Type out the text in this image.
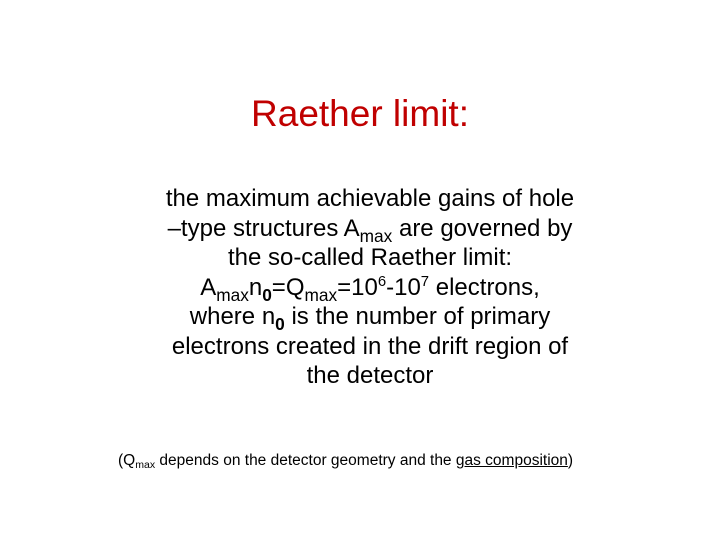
Raether limit:
the maximum achievable gains of hole
–type structures $A_{max}$ are governed by
the so-called Raether limit:
$A_{max}n_0=Q_{max}=10^6-10^7$ electrons,
where $n_0$ is the number of primary
electrons created in the drift region of
the detector
($Q_{max}$ depends on the detector geometry and the gas composition)
